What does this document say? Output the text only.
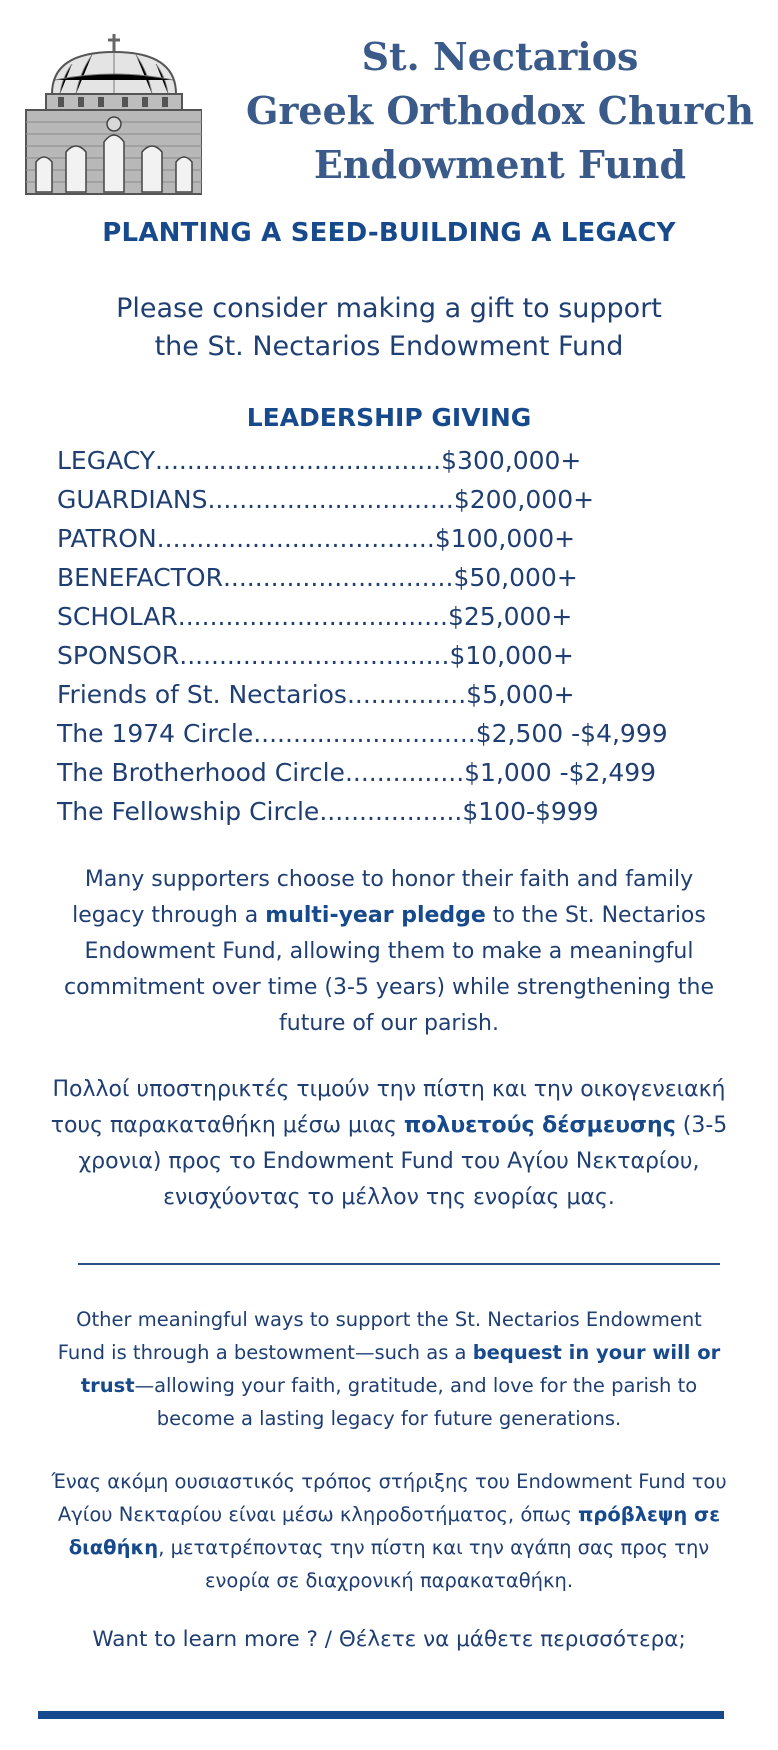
St. Nectarios
Greek Orthodox Church
Endowment Fund
PLANTING A SEED-BUILDING A LEGACY
Please consider making a gift to support
the St. Nectarios Endowment Fund
LEADERSHIP GIVING
LEGACY .................................... $300,000+
GUARDIANS ............................... $200,000+
PATRON ................................... $100,000+
BENEFACTOR ............................. $50,000+
SCHOLAR .................................. $25,000+
SPONSOR .................................. $10,000+
Friends of St. Nectarios ............... $5,000+
The 1974 Circle ............................ $2,500 -$4,999
The Brotherhood Circle ............... $1,000 -$2,499
The Fellowship Circle .................. $100-$999
Many supporters choose to honor their faith and family legacy through a multi-year pledge to the St. Nectarios Endowment Fund, allowing them to make a meaningful commitment over time (3-5 years) while strengthening the future of our parish.
Πολλοί υποστηρικτές τιμούν την πίστη και την οικογενειακή τους παρακαταθήκη μέσω μιας πολυετούς δέσμευσης (3-5 χρονια) προς το Endowment Fund του Αγίου Νεκταρίου, ενισχύοντας το μέλλον της ενορίας μας.
Other meaningful ways to support the St. Nectarios Endowment Fund is through a bestowment—such as a bequest in your will or trust—allowing your faith, gratitude, and love for the parish to become a lasting legacy for future generations.
Ένας ακόμη ουσιαστικός τρόπος στήριξης του Endowment Fund του Αγίου Νεκταρίου είναι μέσω κληροδοτήματος, όπως πρόβλεψη σε διαθήκη, μετατρέποντας την πίστη και την αγάπη σας προς την ενορία σε διαχρονική παρακαταθήκη.
Want to learn more ? / Θέλετε να μάθετε περισσότερα;
